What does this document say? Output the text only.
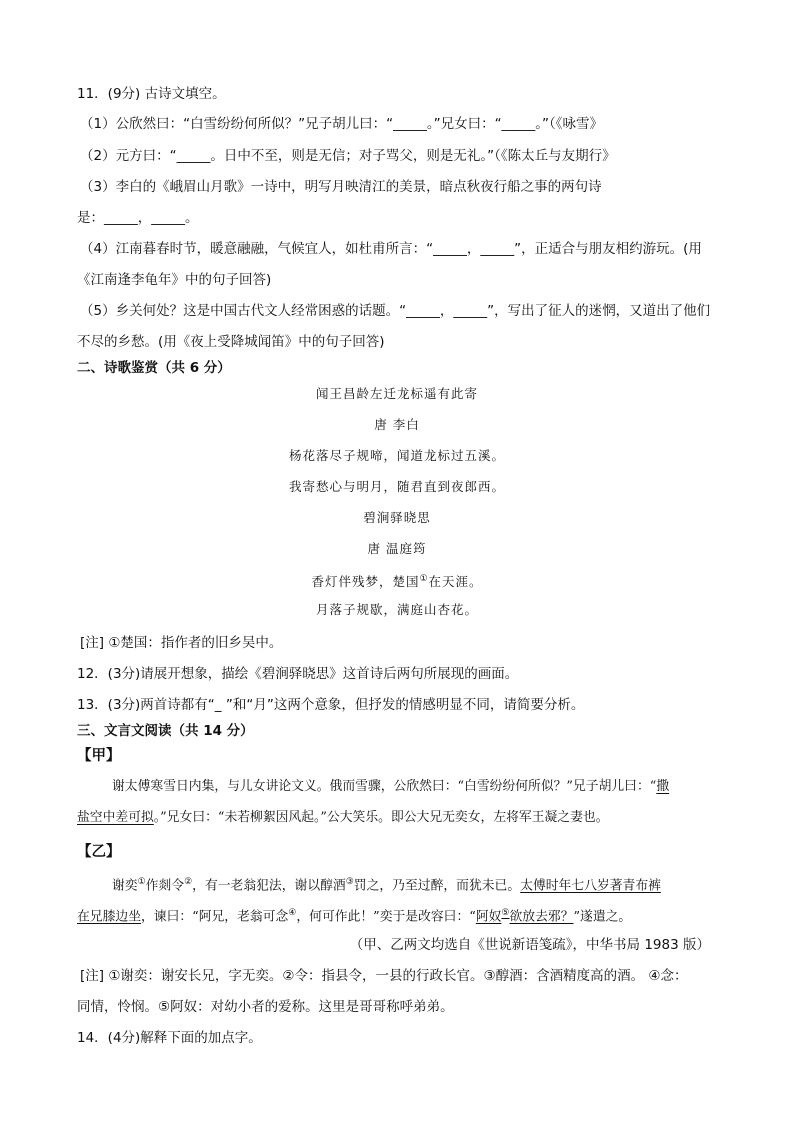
11．(9分) 古诗文填空。
（1）公欣然曰：“白雪纷纷何所似？”兄子胡儿曰：“_____。”兄女曰：“_____。”（《咏雪》
（2）元方曰：“_____。日中不至，则是无信；对子骂父，则是无礼。”（《陈太丘与友期行》
（3）李白的《峨眉山月歌》一诗中，明写月映清江的美景，暗点秋夜行船之事的两句诗
是：_____，_____。
（4）江南暮春时节，暖意融融，气候宜人，如杜甫所言：“_____，_____”，正适合与朋友相约游玩。(用
《江南逢李龟年》中的句子回答)
（5）乡关何处？这是中国古代文人经常困惑的话题。“_____，_____”，写出了征人的迷惘，又道出了他们
不尽的乡愁。(用《夜上受降城闻笛》中的句子回答)
二、诗歌鉴赏（共 6 分）
闻王昌龄左迁龙标遥有此寄
唐 李白
杨花落尽子规啼，闻道龙标过五溪。
我寄愁心与明月，随君直到夜郎西。
碧涧驿晓思
唐 温庭筠
香灯伴残梦，楚国①在天涯。
月落子规歇，满庭山杏花。
[注] ①楚国：指作者的旧乡吴中。
12．(3分)请展开想象，描绘《碧涧驿晓思》这首诗后两句所展现的画面。
13．(3分)两首诗都有“_ ”和“月”这两个意象，但抒发的情感明显不同，请简要分析。
三、文言文阅读（共 14 分）
【甲】
谢太傅寒雪日内集，与儿女讲论文义。俄而雪骤，公欣然曰：“白雪纷纷何所似？”兄子胡儿曰：“撒
盐空中差可拟。”兄女曰：“未若柳絮因风起。”公大笑乐。即公大兄无奕女，左将军王凝之妻也。
【乙】
谢奕①作剡令②，有一老翁犯法，谢以醇酒③罚之，乃至过醉，而犹未已。太傅时年七八岁著青布裤
在兄膝边坐，谏曰：“阿兄，老翁可念④，何可作此！”奕于是改容曰：“阿奴⑤欲放去邪？”遂遣之。
（甲、乙两文均选自《世说新语笺疏》，中华书局 1983 版）
[注] ①谢奕：谢安长兄，字无奕。②令：指县令，一县的行政长官。③醇酒：含酒精度高的酒。 ④念：
同情，怜悯。⑤阿奴：对幼小者的爱称。这里是哥哥称呼弟弟。
14．(4分)解释下面的加点字。
